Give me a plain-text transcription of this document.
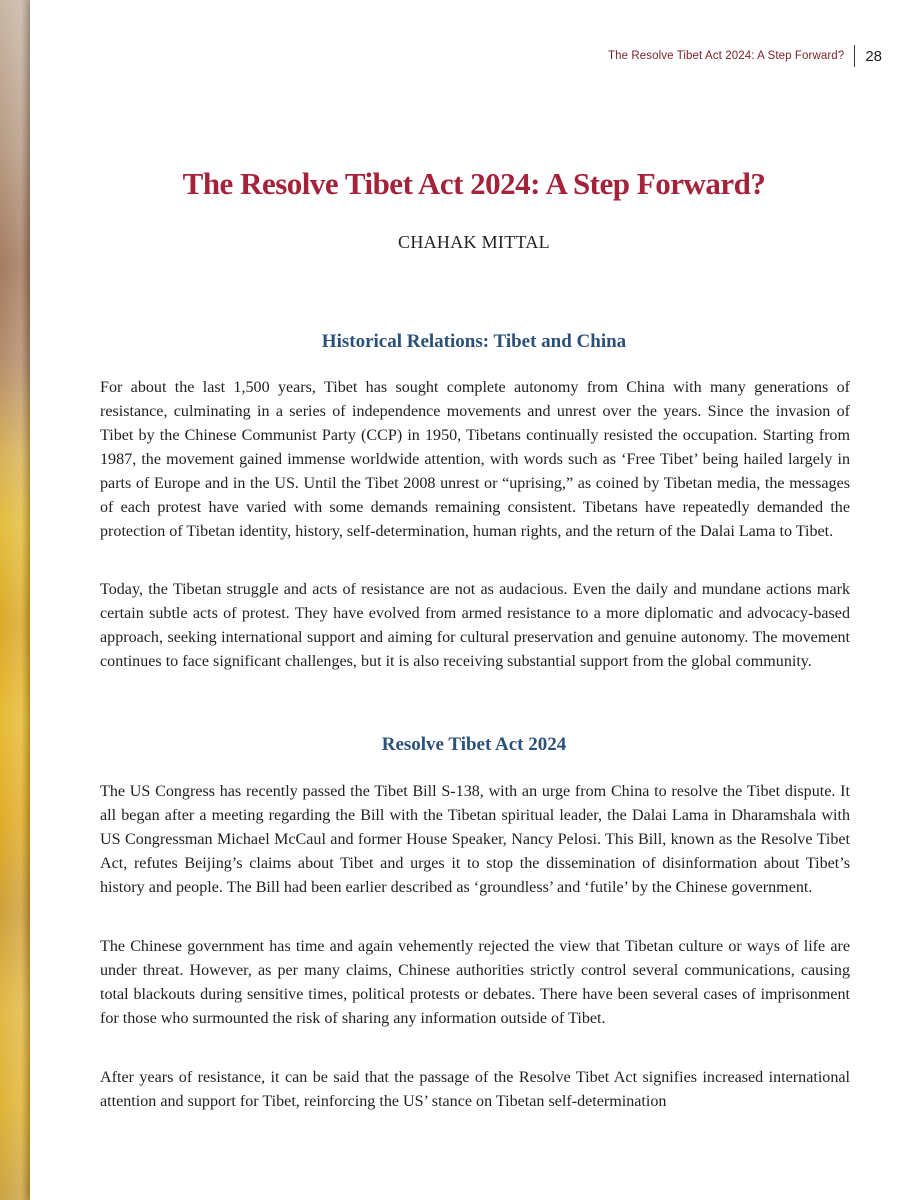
The Resolve Tibet Act 2024: A Step Forward? 28
The Resolve Tibet Act 2024: A Step Forward?
CHAHAK MITTAL
Historical Relations: Tibet and China

For about the last 1,500 years, Tibet has sought complete autonomy from China with many generations of resistance, culminating in a series of independence movements and unrest over the years. Since the invasion of Tibet by the Chinese Communist Party (CCP) in 1950, Tibetans continually resisted the occupation. Starting from 1987, the movement gained immense worldwide attention, with words such as ‘Free Tibet’ being hailed largely in parts of Europe and in the US. Until the Tibet 2008 unrest or “uprising,” as coined by Tibetan media, the messages of each protest have varied with some demands remaining consistent. Tibetans have repeatedly demanded the protection of Tibetan identity, history, self-determination, human rights, and the return of the Dalai Lama to Tibet.

Today, the Tibetan struggle and acts of resistance are not as audacious. Even the daily and mundane actions mark certain subtle acts of protest. They have evolved from armed resistance to a more diplomatic and advocacy-based approach, seeking international support and aiming for cultural preservation and genuine autonomy. The movement continues to face significant challenges, but it is also receiving substantial support from the global community.

Resolve Tibet Act 2024

The US Congress has recently passed the Tibet Bill S-138, with an urge from China to resolve the Tibet dispute. It all began after a meeting regarding the Bill with the Tibetan spiritual leader, the Dalai Lama in Dharamshala with US Congressman Michael McCaul and former House Speaker, Nancy Pelosi. This Bill, known as the Resolve Tibet Act, refutes Beijing’s claims about Tibet and urges it to stop the dissemination of disinformation about Tibet’s history and people. The Bill had been earlier described as ‘groundless’ and ‘futile’ by the Chinese government.

The Chinese government has time and again vehemently rejected the view that Tibetan culture or ways of life are under threat. However, as per many claims, Chinese authorities strictly control several communications, causing total blackouts during sensitive times, political protests or debates. There have been several cases of imprisonment for those who surmounted the risk of sharing any information outside of Tibet.

After years of resistance, it can be said that the passage of the Resolve Tibet Act signifies increased international attention and support for Tibet, reinforcing the US’ stance on Tibetan self-determination
